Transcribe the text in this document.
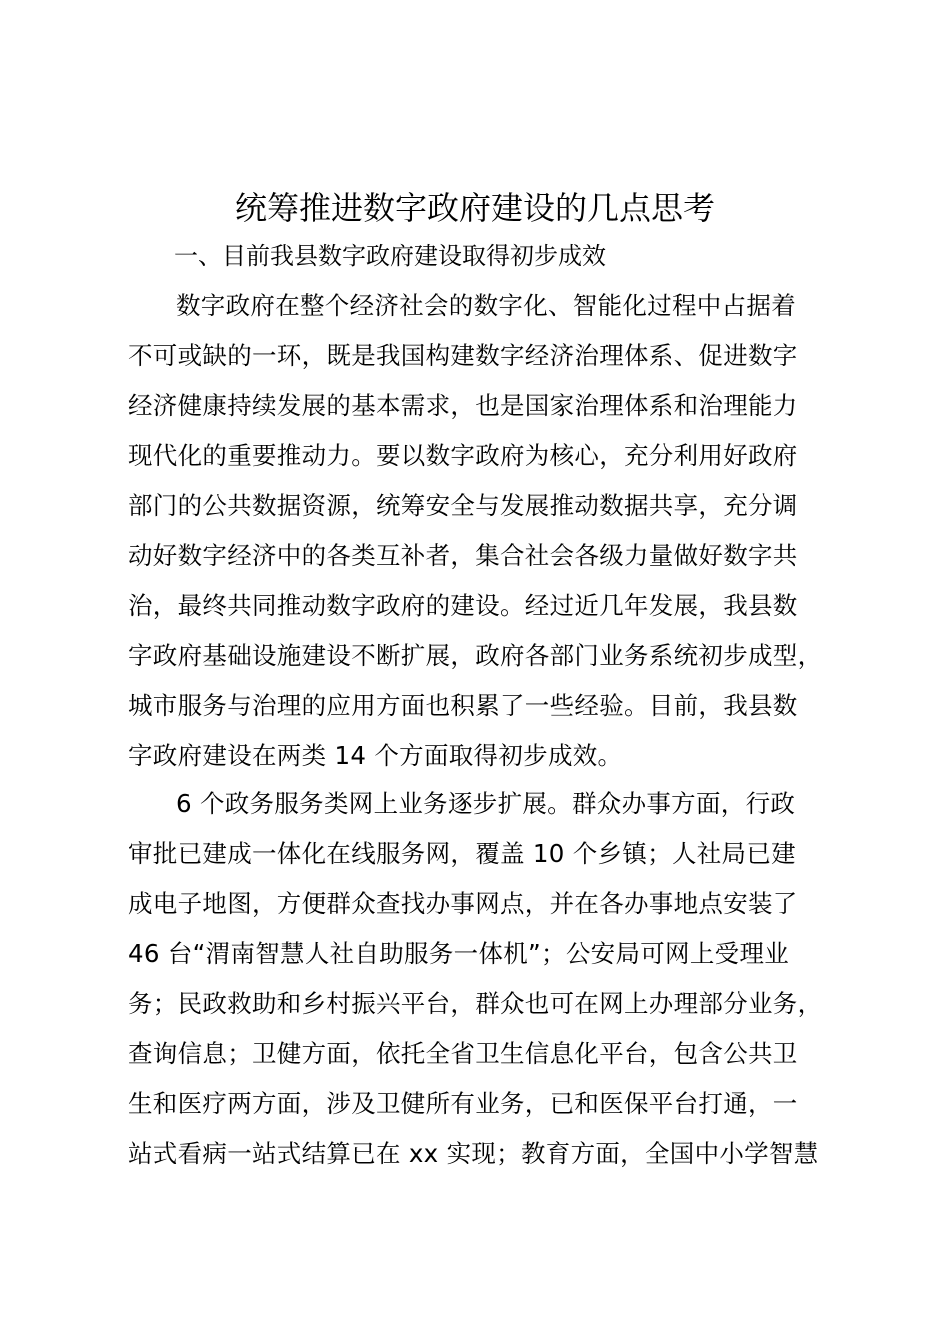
统筹推进数字政府建设的几点思考
一、目前我县数字政府建设取得初步成效
数字政府在整个经济社会的数字化、智能化过程中占据着
不可或缺的一环，既是我国构建数字经济治理体系、促进数字
经济健康持续发展的基本需求，也是国家治理体系和治理能力
现代化的重要推动力。要以数字政府为核心，充分利用好政府
部门的公共数据资源，统筹安全与发展推动数据共享，充分调
动好数字经济中的各类互补者，集合社会各级力量做好数字共
治，最终共同推动数字政府的建设。经过近几年发展，我县数
字政府基础设施建设不断扩展，政府各部门业务系统初步成型，
城市服务与治理的应用方面也积累了一些经验。目前，我县数
字政府建设在两类 14 个方面取得初步成效。
6 个政务服务类网上业务逐步扩展。群众办事方面，行政
审批已建成一体化在线服务网，覆盖 10 个乡镇；人社局已建
成电子地图，方便群众查找办事网点，并在各办事地点安装了
46 台“渭南智慧人社自助服务一体机”；公安局可网上受理业
务；民政救助和乡村振兴平台，群众也可在网上办理部分业务，
查询信息；卫健方面，依托全省卫生信息化平台，包含公共卫
生和医疗两方面，涉及卫健所有业务，已和医保平台打通，一
站式看病一站式结算已在 xx 实现；教育方面，全国中小学智慧
